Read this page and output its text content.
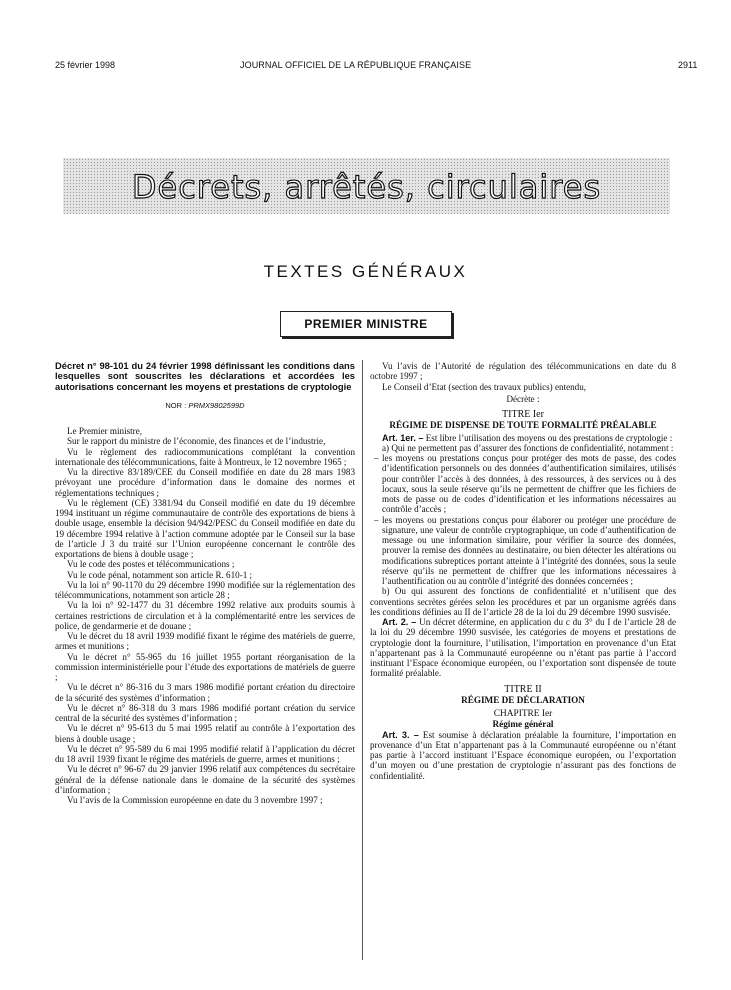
25 février 1998	JOURNAL OFFICIEL DE LA RÉPUBLIQUE FRANÇAISE	2911
Décrets, arrêtés, circulaires
TEXTES GÉNÉRAUX
PREMIER MINISTRE
Décret n° 98-101 du 24 février 1998 définissant les conditions dans lesquelles sont souscrites les déclarations et accordées les autorisations concernant les moyens et prestations de cryptologie
NOR : PRMX9802599D

Le Premier ministre,

Sur le rapport du ministre de l’économie, des finances et de l’industrie,

Vu le règlement des radiocommunications complétant la convention internationale des télécommunications, faite à Montreux, le 12 novembre 1965 ;

Vu la directive 83/189/CEE du Conseil modifiée en date du 28 mars 1983 prévoyant une procédure d’information dans le domaine des normes et réglementations techniques ;

Vu le règlement (CE) 3381/94 du Conseil modifié en date du 19 décembre 1994 instituant un régime communautaire de contrôle des exportations de biens à double usage, ensemble la décision 94/942/PESC du Conseil modifiée en date du 19 décembre 1994 relative à l’action commune adoptée par le Conseil sur la base de l’article J 3 du traité sur l’Union européenne concernant le contrôle des exportations de biens à double usage ;

Vu le code des postes et télécommunications ;

Vu le code pénal, notamment son article R. 610-1 ;

Vu la loi n° 90-1170 du 29 décembre 1990 modifiée sur la réglementation des télécommunications, notamment son article 28 ;

Vu la loi n° 92-1477 du 31 décembre 1992 relative aux produits soumis à certaines restrictions de circulation et à la complémentarité entre les services de police, de gendarmerie et de douane ;

Vu le décret du 18 avril 1939 modifié fixant le régime des matériels de guerre, armes et munitions ;

Vu le décret n° 55-965 du 16 juillet 1955 portant réorganisation de la commission interministérielle pour l’étude des exportations de matériels de guerre ;

Vu le décret n° 86-316 du 3 mars 1986 modifié portant création du directoire de la sécurité des systèmes d’information ;

Vu le décret n° 86-318 du 3 mars 1986 modifié portant création du service central de la sécurité des systèmes d’information ;

Vu le décret n° 95-613 du 5 mai 1995 relatif au contrôle à l’exportation des biens à double usage ;

Vu le décret n° 95-589 du 6 mai 1995 modifié relatif à l’application du décret du 18 avril 1939 fixant le régime des matériels de guerre, armes et munitions ;

Vu le décret n° 96-67 du 29 janvier 1996 relatif aux compétences du secrétaire général de la défense nationale dans le domaine de la sécurité des systèmes d’information ;

Vu l’avis de la Commission européenne en date du 3 novembre 1997 ;

Vu l’avis de l’Autorité de régulation des télécommunications en date du 8 octobre 1997 ;

Le Conseil d’Etat (section des travaux publics) entendu,

Décrète :

TITRE Ier

RÉGIME DE DISPENSE DE TOUTE FORMALITÉ PRÉALABLE

Art. 1er. – Est libre l’utilisation des moyens ou des prestations de cryptologie :

a) Qui ne permettent pas d’assurer des fonctions de confidentialité, notamment :

– les moyens ou prestations conçus pour protéger des mots de passe, des codes d’identification personnels ou des données d’authentification similaires, utilisés pour contrôler l’accès à des données, à des ressources, à des services ou à des locaux, sous la seule réserve qu’ils ne permettent de chiffrer que les fichiers de mots de passe ou de codes d’identification et les informations nécessaires au contrôle d’accès ;

– les moyens ou prestations conçus pour élaborer ou protéger une procédure de signature, une valeur de contrôle cryptographique, un code d’authentification de message ou une information similaire, pour vérifier la source des données, prouver la remise des données au destinataire, ou bien détecter les altérations ou modifications subreptices portant atteinte à l’intégrité des données, sous la seule réserve qu’ils ne permettent de chiffrer que les informations nécessaires à l’authentification ou au contrôle d’intégrité des données concernées ;

b) Ou qui assurent des fonctions de confidentialité et n’utilisent que des conventions secrètes gérées selon les procédures et par un organisme agréés dans les conditions définies au II de l’article 28 de la loi du 29 décembre 1990 susvisée.

Art. 2. – Un décret détermine, en application du c du 3° du I de l’article 28 de la loi du 29 décembre 1990 susvisée, les catégories de moyens et prestations de cryptologie dont la fourniture, l’utilisation, l’importation en provenance d’un Etat n’appartenant pas à la Communauté européenne ou n’étant pas partie à l’accord instituant l’Espace économique européen, ou l’exportation sont dispensée de toute formalité préalable.

TITRE II

RÉGIME DE DÉCLARATION

CHAPITRE Ier

Régime général

Art. 3. – Est soumise à déclaration préalable la fourniture, l’importation en provenance d’un Etat n’appartenant pas à la Communauté européenne ou n’étant pas partie à l’accord instituant l’Espace économique européen, ou l’exportation d’un moyen ou d’une prestation de cryptologie n’assurant pas des fonctions de confidentialité.
